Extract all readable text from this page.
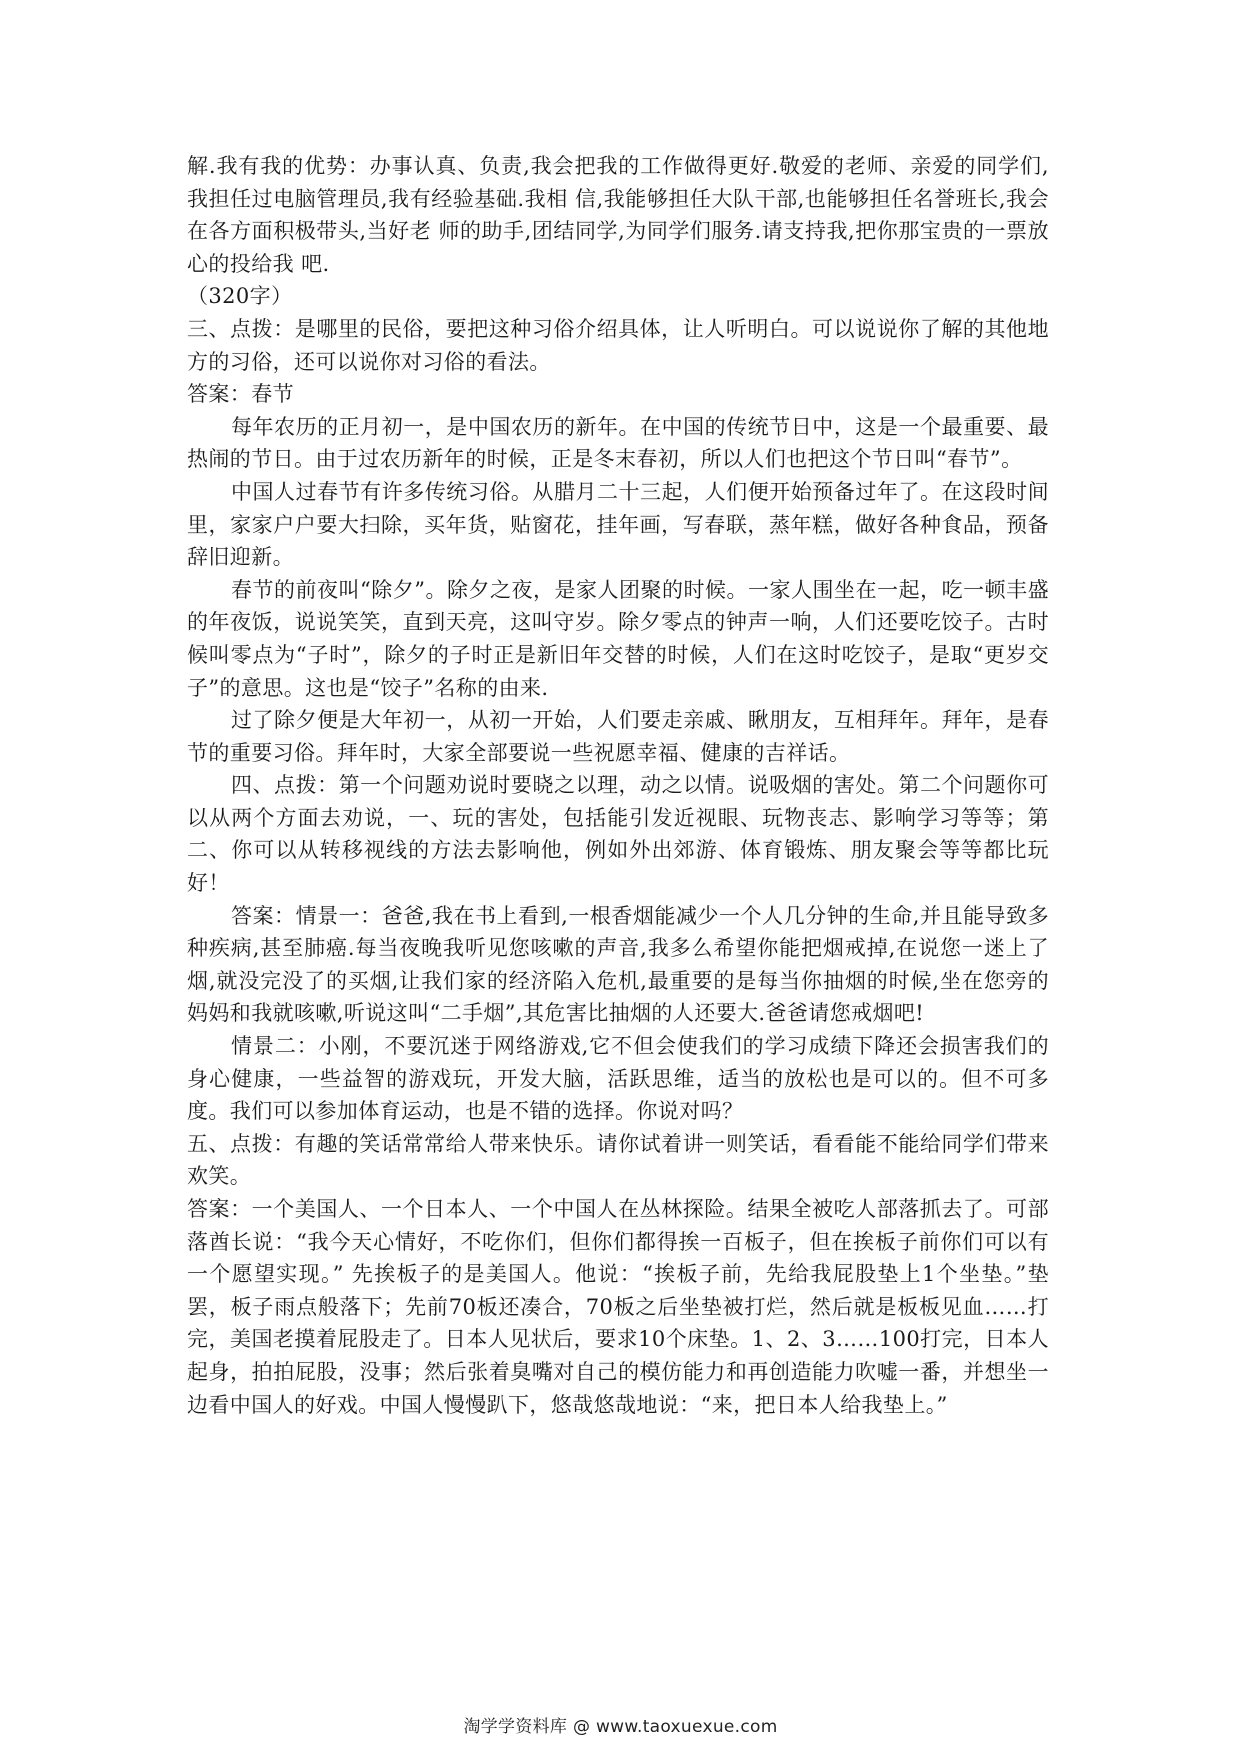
解.我有我的优势：办事认真、负责,我会把我的工作做得更好.敬爱的老师、亲爱的同学们,我担任过电脑管理员,我有经验基础.我相 信,我能够担任大队干部,也能够担任名誉班长,我会在各方面积极带头,当好老 师的助手,团结同学,为同学们服务.请支持我,把你那宝贵的一票放心的投给我 吧.

（320字）

三、点拨：是哪里的民俗，要把这种习俗介绍具体，让人听明白。可以说说你了解的其他地方的习俗，还可以说你对习俗的看法。

答案：春节

每年农历的正月初一，是中国农历的新年。在中国的传统节日中，这是一个最重要、最热闹的节日。由于过农历新年的时候，正是冬末春初，所以人们也把这个节日叫“春节”。

中国人过春节有许多传统习俗。从腊月二十三起，人们便开始预备过年了。在这段时间里，家家户户要大扫除，买年货，贴窗花，挂年画，写春联，蒸年糕，做好各种食品，预备辞旧迎新。

春节的前夜叫“除夕”。除夕之夜，是家人团聚的时候。一家人围坐在一起，吃一顿丰盛的年夜饭，说说笑笑，直到天亮，这叫守岁。除夕零点的钟声一响，人们还要吃饺子。古时候叫零点为“子时”，除夕的子时正是新旧年交替的时候，人们在这时吃饺子，是取“更岁交子”的意思。这也是“饺子”名称的由来.

过了除夕便是大年初一，从初一开始，人们要走亲戚、瞅朋友，互相拜年。拜年，是春节的重要习俗。拜年时，大家全部要说一些祝愿幸福、健康的吉祥话。

四、点拨：第一个问题劝说时要晓之以理，动之以情。说吸烟的害处。第二个问题你可以从两个方面去劝说，一、玩的害处，包括能引发近视眼、玩物丧志、影响学习等等；第二、你可以从转移视线的方法去影响他，例如外出郊游、体育锻炼、朋友聚会等等都比玩好！

答案：情景一：爸爸,我在书上看到,一根香烟能减少一个人几分钟的生命,并且能导致多种疾病,甚至肺癌.每当夜晚我听见您咳嗽的声音,我多么希望你能把烟戒掉,在说您一迷上了烟,就没完没了的买烟,让我们家的经济陷入危机,最重要的是每当你抽烟的时候,坐在您旁的妈妈和我就咳嗽,听说这叫“二手烟”,其危害比抽烟的人还要大.爸爸请您戒烟吧!

情景二：小刚，不要沉迷于网络游戏,它不但会使我们的学习成绩下降还会损害我们的身心健康，一些益智的游戏玩，开发大脑，活跃思维，适当的放松也是可以的。但不可多度。我们可以参加体育运动，也是不错的选择。你说对吗？

五、点拨：有趣的笑话常常给人带来快乐。请你试着讲一则笑话，看看能不能给同学们带来欢笑。

答案：一个美国人、一个日本人、一个中国人在丛林探险。结果全被吃人部落抓去了。可部落酋长说：“我今天心情好，不吃你们，但你们都得挨一百板子，但在挨板子前你们可以有一个愿望实现。” 先挨板子的是美国人。他说：“挨板子前，先给我屁股垫上1个坐垫。”垫罢，板子雨点般落下；先前70板还凑合，70板之后坐垫被打烂，然后就是板板见血……打完，美国老摸着屁股走了。日本人见状后，要求10个床垫。1、2、3……100打完，日本人起身，拍拍屁股，没事；然后张着臭嘴对自己的模仿能力和再创造能力吹嘘一番，并想坐一边看中国人的好戏。中国人慢慢趴下，悠哉悠哉地说：“来，把日本人给我垫上。”

淘学学资料库 @ www.taoxuexue.com
